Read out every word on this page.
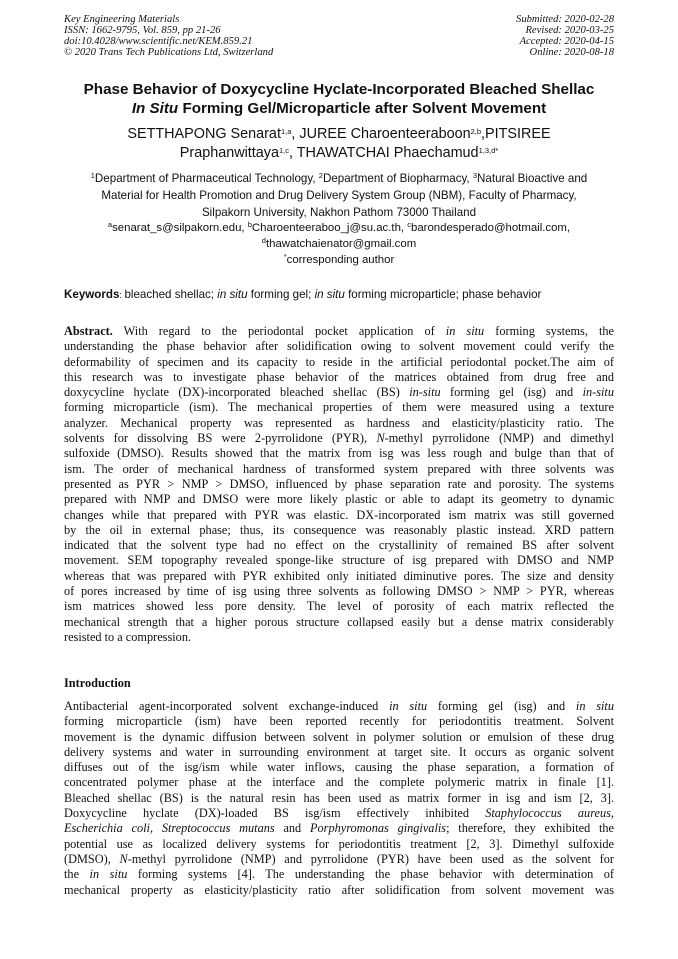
Key Engineering Materials
ISSN: 1662-9795, Vol. 859, pp 21-26
doi:10.4028/www.scientific.net/KEM.859.21
© 2020 Trans Tech Publications Ltd, Switzerland
Submitted: 2020-02-28
Revised: 2020-03-25
Accepted: 2020-04-15
Online: 2020-08-18
Phase Behavior of Doxycycline Hyclate-Incorporated Bleached Shellac
In Situ Forming Gel/Microparticle after Solvent Movement
SETTHAPONG Senarat$^{1,a}$, JUREE Charoenteeraboon$^{2,b}$,PITSIREE
Praphanwittaya$^{1,c}$, THAWATCHAI Phaechamud$^{1,3,d*}$
$^1$Department of Pharmaceutical Technology, $^2$Department of Biopharmacy, $^3$Natural Bioactive and
Material for Health Promotion and Drug Delivery System Group (NBM), Faculty of Pharmacy,
Silpakorn University, Nakhon Pathom 73000 Thailand
$^a$senarat_s@silpakorn.edu, $^b$Charoenteeraboo_j@su.ac.th, $^c$barondesperado@hotmail.com,
$^d$thawatchaienator@gmail.com
*corresponding author
Keywords: bleached shellac; in situ forming gel; in situ forming microparticle; phase behavior
Abstract. With regard to the periodontal pocket application of in situ forming systems, the
understanding the phase behavior after solidification owing to solvent movement could verify the
deformability of specimen and its capacity to reside in the artificial periodontal pocket.The aim of
this research was to investigate phase behavior of the matrices obtained from drug free and
doxycycline hyclate (DX)-incorporated bleached shellac (BS) in-situ forming gel (isg) and in-situ
forming microparticle (ism). The mechanical properties of them were measured using a texture
analyzer. Mechanical property was represented as hardness and elasticity/plasticity ratio. The
solvents for dissolving BS were 2-pyrrolidone (PYR), N-methyl pyrrolidone (NMP) and dimethyl
sulfoxide (DMSO). Results showed that the matrix from isg was less rough and bulge than that of
ism. The order of mechanical hardness of transformed system prepared with three solvents was
presented as PYR > NMP > DMSO, influenced by phase separation rate and porosity. The systems
prepared with NMP and DMSO were more likely plastic or able to adapt its geometry to dynamic
changes while that prepared with PYR was elastic. DX-incorporated ism matrix was still governed
by the oil in external phase; thus, its consequence was reasonably plastic instead. XRD pattern
indicated that the solvent type had no effect on the crystallinity of remained BS after solvent
movement. SEM topography revealed sponge-like structure of isg prepared with DMSO and NMP
whereas that was prepared with PYR exhibited only initiated diminutive pores. The size and density
of pores increased by time of isg using three solvents as following DMSO > NMP > PYR, whereas
ism matrices showed less pore density. The level of porosity of each matrix reflected the
mechanical strength that a higher porous structure collapsed easily but a dense matrix considerably
resisted to a compression.
Introduction
Antibacterial agent-incorporated solvent exchange-induced in situ forming gel (isg) and in situ
forming microparticle (ism) have been reported recently for periodontitis treatment. Solvent
movement is the dynamic diffusion between solvent in polymer solution or emulsion of these drug
delivery systems and water in surrounding environment at target site. It occurs as organic solvent
diffuses out of the isg/ism while water inflows, causing the phase separation, a formation of
concentrated polymer phase at the interface and the complete polymeric matrix in finale [1].
Bleached shellac (BS) is the natural resin has been used as matrix former in isg and ism [2, 3].
Doxycycline hyclate (DX)-loaded BS isg/ism effectively inhibited Staphylococcus aureus,
Escherichia coli, Streptococcus mutans and Porphyromonas gingivalis; therefore, they exhibited the
potential use as localized delivery systems for periodontitis treatment [2, 3]. Dimethyl sulfoxide
(DMSO), N-methyl pyrrolidone (NMP) and pyrrolidone (PYR) have been used as the solvent for
the in situ forming systems [4]. The understanding the phase behavior with determination of
mechanical property as elasticity/plasticity ratio after solidification from solvent movement was
